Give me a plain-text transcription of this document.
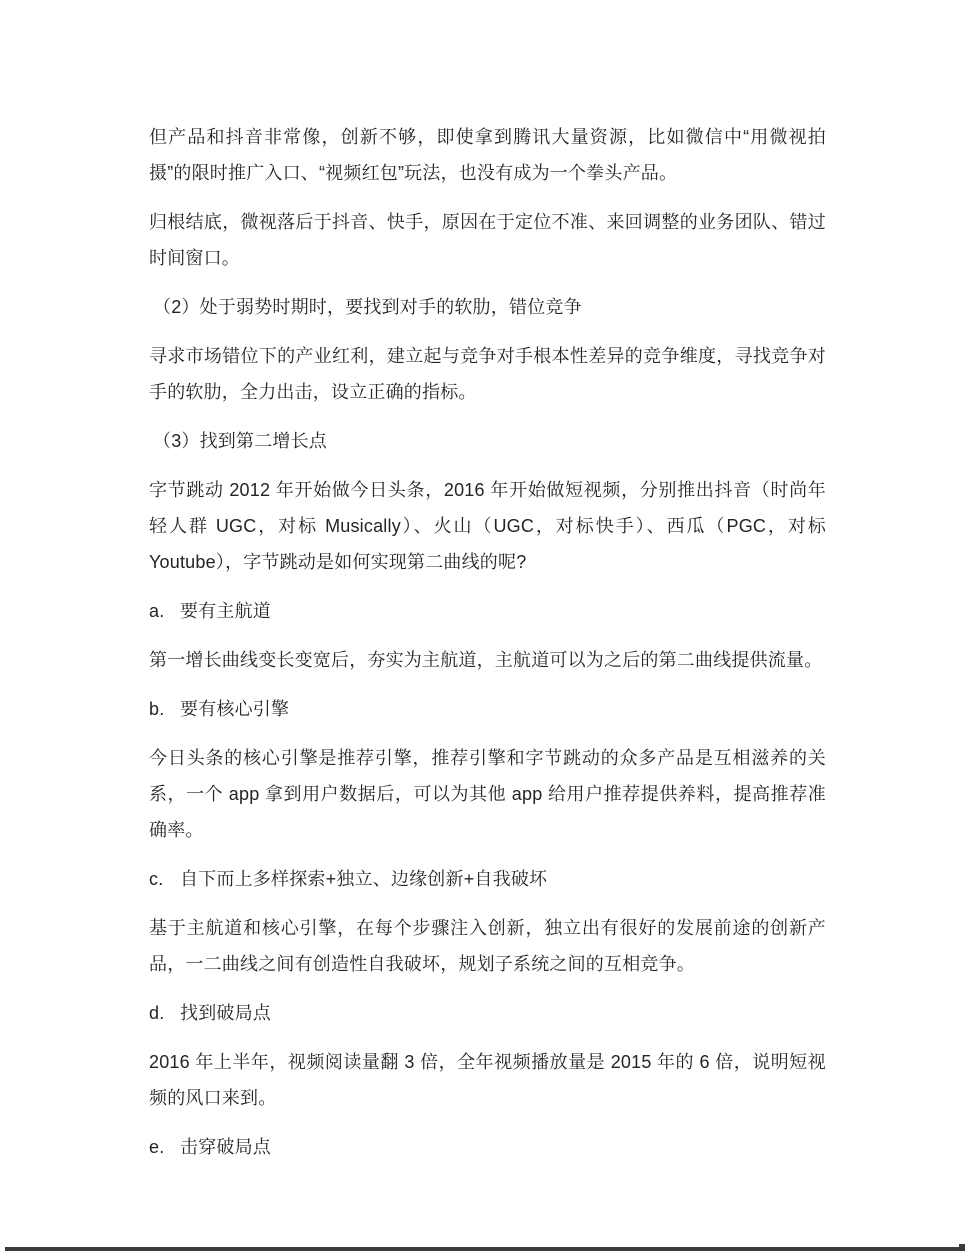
但产品和抖音非常像，创新不够，即使拿到腾讯大量资源，比如微信中“用微视拍摄”的限时推广入口、“视频红包”玩法，也没有成为一个拳头产品。

归根结底，微视落后于抖音、快手，原因在于定位不准、来回调整的业务团队、错过时间窗口。

（2）处于弱势时期时，要找到对手的软肋，错位竞争

寻求市场错位下的产业红利，建立起与竞争对手根本性差异的竞争维度，寻找竞争对手的软肋，全力出击，设立正确的指标。

（3）找到第二增长点

字节跳动 2012 年开始做今日头条，2016 年开始做短视频，分别推出抖音（时尚年轻人群 UGC，对标 Musically）、火山（UGC，对标快手）、西瓜（PGC，对标 Youtube），字节跳动是如何实现第二曲线的呢?

a. 要有主航道

第一增长曲线变长变宽后，夯实为主航道，主航道可以为之后的第二曲线提供流量。

b. 要有核心引擎

今日头条的核心引擎是推荐引擎，推荐引擎和字节跳动的众多产品是互相滋养的关系，一个 app 拿到用户数据后，可以为其他 app 给用户推荐提供养料，提高推荐准确率。

c. 自下而上多样探索+独立、边缘创新+自我破坏

基于主航道和核心引擎，在每个步骤注入创新，独立出有很好的发展前途的创新产品，一二曲线之间有创造性自我破坏，规划子系统之间的互相竞争。

d. 找到破局点

2016 年上半年，视频阅读量翻 3 倍，全年视频播放量是 2015 年的 6 倍，说明短视频的风口来到。

e. 击穿破局点
